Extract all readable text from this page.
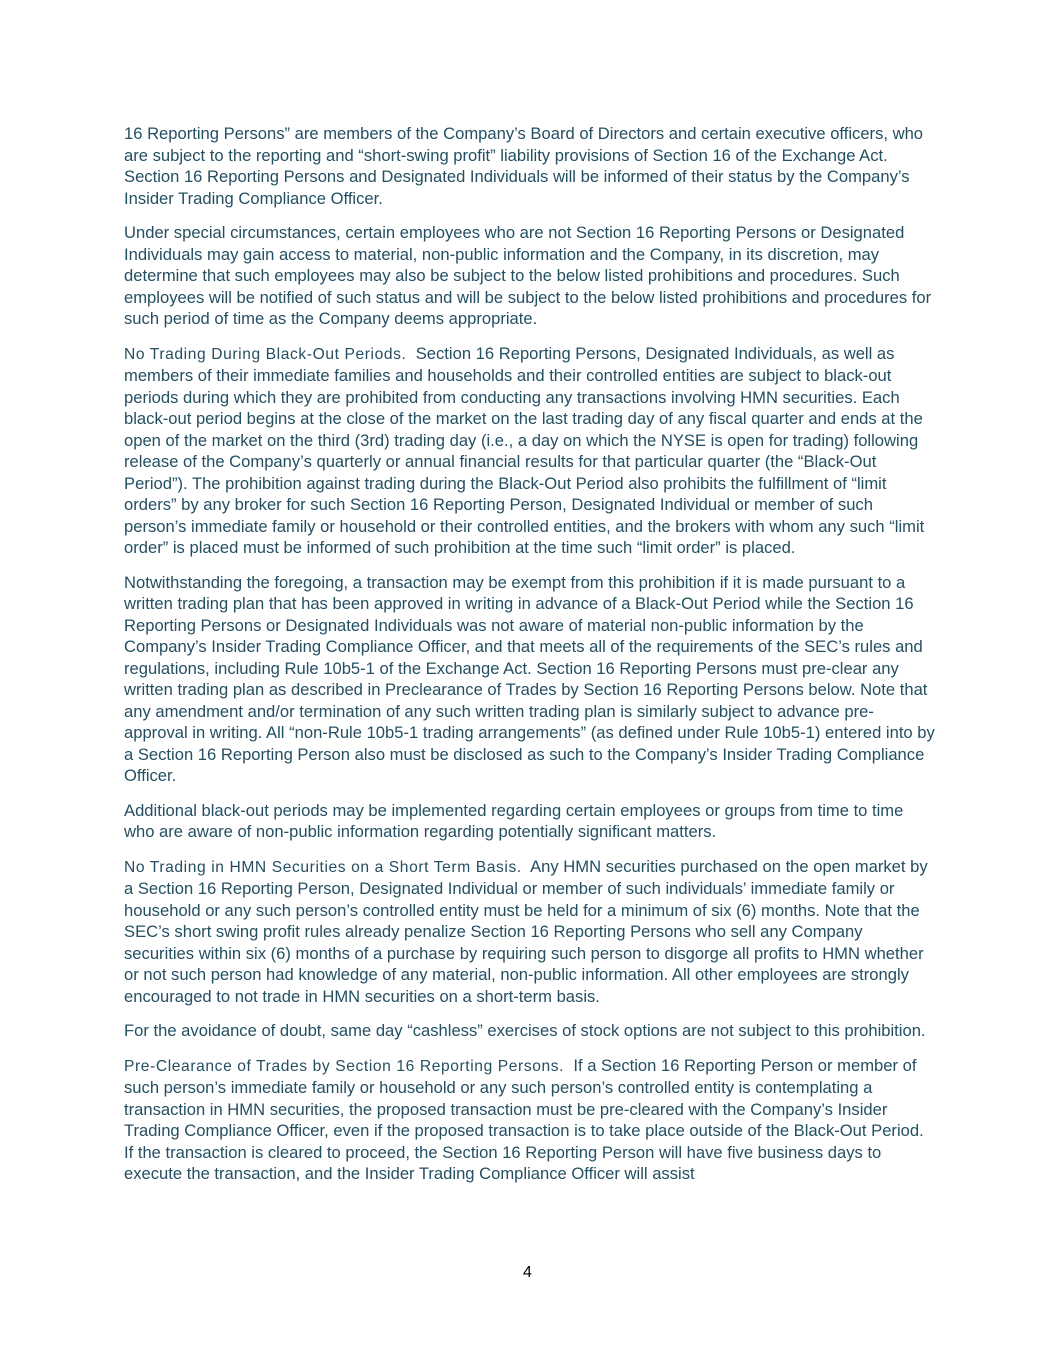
16 Reporting Persons” are members of the Company’s Board of Directors and certain executive officers, who are subject to the reporting and “short-swing profit” liability provisions of Section 16 of the Exchange Act. Section 16 Reporting Persons and Designated Individuals will be informed of their status by the Company’s Insider Trading Compliance Officer.

Under special circumstances, certain employees who are not Section 16 Reporting Persons or Designated Individuals may gain access to material, non-public information and the Company, in its discretion, may determine that such employees may also be subject to the below listed prohibitions and procedures. Such employees will be notified of such status and will be subject to the below listed prohibitions and procedures for such period of time as the Company deems appropriate.

No Trading During Black-Out Periods. Section 16 Reporting Persons, Designated Individuals, as well as members of their immediate families and households and their controlled entities are subject to black-out periods during which they are prohibited from conducting any transactions involving HMN securities. Each black-out period begins at the close of the market on the last trading day of any fiscal quarter and ends at the open of the market on the third (3rd) trading day (i.e., a day on which the NYSE is open for trading) following release of the Company’s quarterly or annual financial results for that particular quarter (the “Black-Out Period”). The prohibition against trading during the Black-Out Period also prohibits the fulfillment of “limit orders” by any broker for such Section 16 Reporting Person, Designated Individual or member of such person’s immediate family or household or their controlled entities, and the brokers with whom any such “limit order” is placed must be informed of such prohibition at the time such “limit order” is placed.

Notwithstanding the foregoing, a transaction may be exempt from this prohibition if it is made pursuant to a written trading plan that has been approved in writing in advance of a Black-Out Period while the Section 16 Reporting Persons or Designated Individuals was not aware of material non-public information by the Company’s Insider Trading Compliance Officer, and that meets all of the requirements of the SEC’s rules and regulations, including Rule 10b5-1 of the Exchange Act. Section 16 Reporting Persons must pre-clear any written trading plan as described in Preclearance of Trades by Section 16 Reporting Persons below. Note that any amendment and/or termination of any such written trading plan is similarly subject to advance pre-approval in writing. All “non-Rule 10b5-1 trading arrangements” (as defined under Rule 10b5-1) entered into by a Section 16 Reporting Person also must be disclosed as such to the Company’s Insider Trading Compliance Officer.

Additional black-out periods may be implemented regarding certain employees or groups from time to time who are aware of non-public information regarding potentially significant matters.

No Trading in HMN Securities on a Short Term Basis. Any HMN securities purchased on the open market by a Section 16 Reporting Person, Designated Individual or member of such individuals’ immediate family or household or any such person’s controlled entity must be held for a minimum of six (6) months. Note that the SEC’s short swing profit rules already penalize Section 16 Reporting Persons who sell any Company securities within six (6) months of a purchase by requiring such person to disgorge all profits to HMN whether or not such person had knowledge of any material, non-public information. All other employees are strongly encouraged to not trade in HMN securities on a short-term basis.

For the avoidance of doubt, same day “cashless” exercises of stock options are not subject to this prohibition.

Pre-Clearance of Trades by Section 16 Reporting Persons. If a Section 16 Reporting Person or member of such person’s immediate family or household or any such person’s controlled entity is contemplating a transaction in HMN securities, the proposed transaction must be pre-cleared with the Company’s Insider Trading Compliance Officer, even if the proposed transaction is to take place outside of the Black-Out Period. If the transaction is cleared to proceed, the Section 16 Reporting Person will have five business days to execute the transaction, and the Insider Trading Compliance Officer will assist

4
